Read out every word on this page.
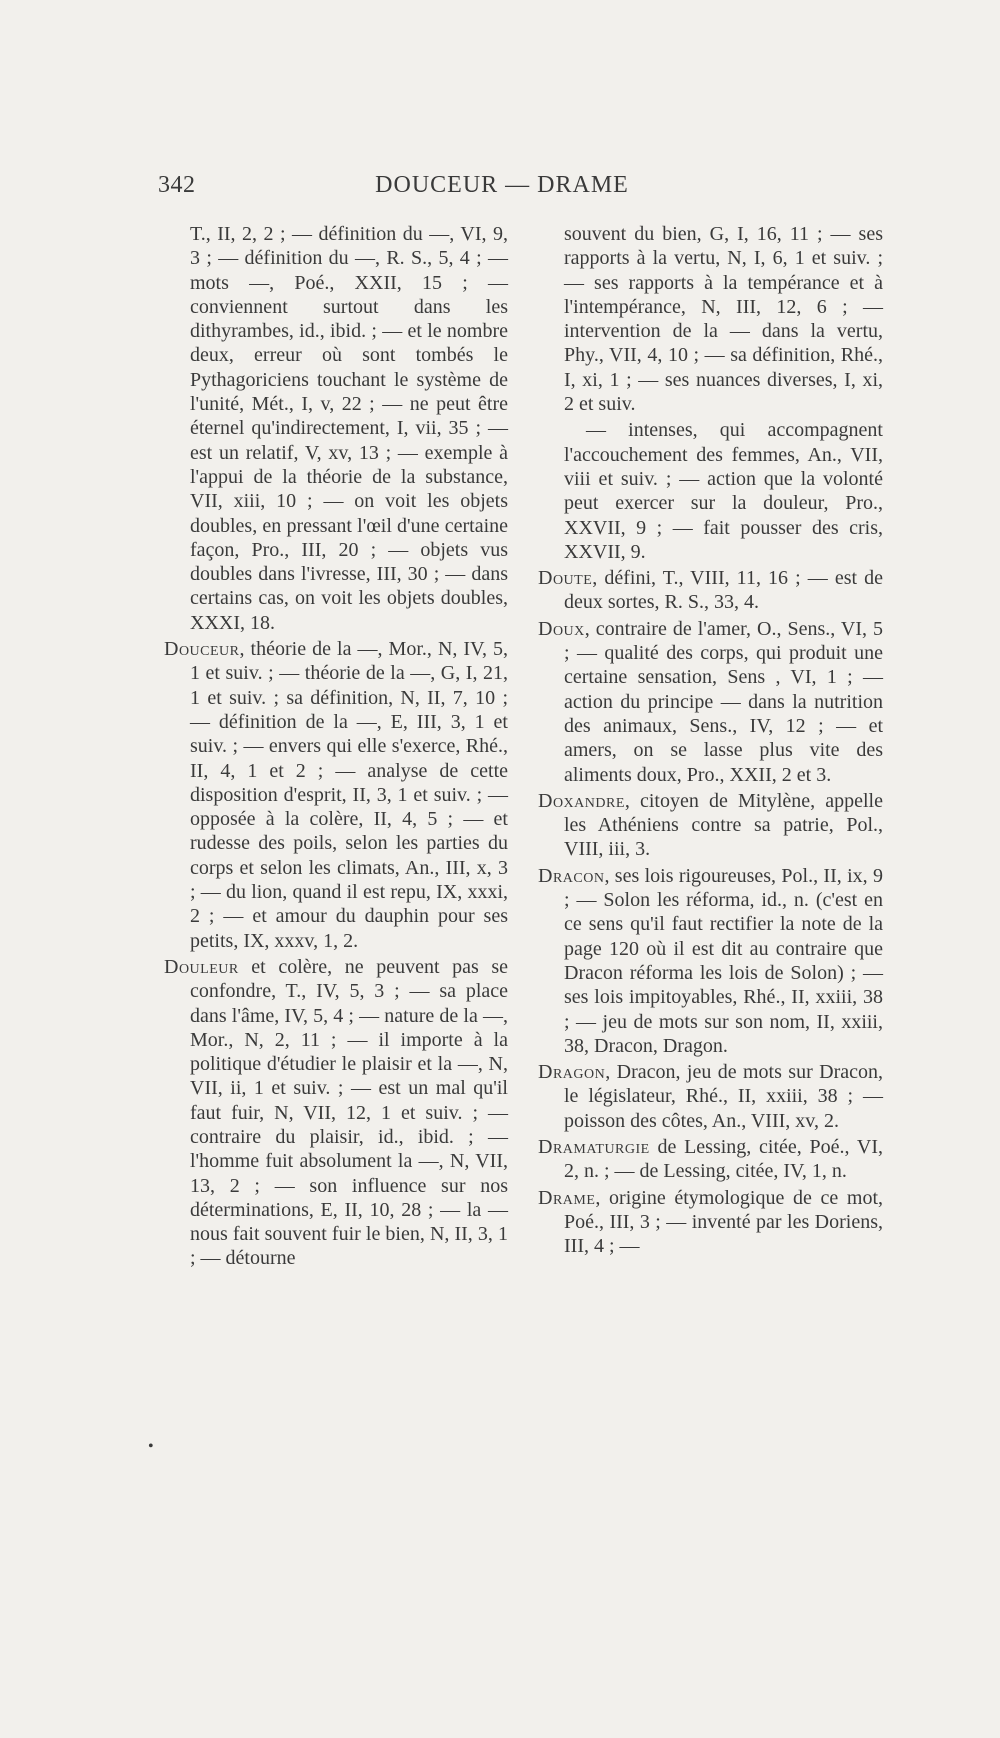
342	DOUCEUR — DRAME

T., II, 2, 2 ; — définition du —, VI, 9, 3 ; — définition du —, R. S., 5, 4 ; — mots —, Poé., XXII, 15 ; — conviennent surtout dans les dithyrambes, id., ibid. ; — et le nombre deux, erreur où sont tombés le Pythagoriciens touchant le système de l'unité, Mét., I, v, 22 ; — ne peut être éternel qu'indirectement, I, vii, 35 ; — est un relatif, V, xv, 13 ; — exemple à l'appui de la théorie de la substance, VII, xiii, 10 ; — on voit les objets doubles, en pressant l'œil d'une certaine façon, Pro., III, 20 ; — objets vus doubles dans l'ivresse, III, 30 ; — dans certains cas, on voit les objets doubles, XXXI, 18.

Douceur, théorie de la —, Mor., N, IV, 5, 1 et suiv. ; — théorie de la —, G, I, 21, 1 et suiv. ; sa définition, N, II, 7, 10 ; — définition de la —, E, III, 3, 1 et suiv. ; — envers qui elle s'exerce, Rhé., II, 4, 1 et 2 ; — analyse de cette disposition d'esprit, II, 3, 1 et suiv. ; — opposée à la colère, II, 4, 5 ; — et rudesse des poils, selon les parties du corps et selon les climats, An., III, x, 3 ; — du lion, quand il est repu, IX, xxxi, 2 ; — et amour du dauphin pour ses petits, IX, xxxv, 1, 2.

Douleur et colère, ne peuvent pas se confondre, T., IV, 5, 3 ; — sa place dans l'âme, IV, 5, 4 ; — nature de la —, Mor., N, 2, 11 ; — il importe à la politique d'étudier le plaisir et la —, N, VII, ii, 1 et suiv. ; — est un mal qu'il faut fuir, N, VII, 12, 1 et suiv. ; — contraire du plaisir, id., ibid. ; — l'homme fuit absolument la —, N, VII, 13, 2 ; — son influence sur nos déterminations, E, II, 10, 28 ; — la — nous fait souvent fuir le bien, N, II, 3, 1 ; — détourne

•

souvent du bien, G, I, 16, 11 ; — ses rapports à la vertu, N, I, 6, 1 et suiv. ; — ses rapports à la tempérance et à l'intempérance, N, III, 12, 6 ; — intervention de la — dans la vertu, Phy., VII, 4, 10 ; — sa définition, Rhé., I, xi, 1 ; — ses nuances diverses, I, xi, 2 et suiv.

— intenses, qui accompagnent l'accouchement des femmes, An., VII, viii et suiv. ; — action que la volonté peut exercer sur la douleur, Pro., XXVII, 9 ; — fait pousser des cris, XXVII, 9.

Doute, défini, T., VIII, 11, 16 ; — est de deux sortes, R. S., 33, 4.

Doux, contraire de l'amer, O., Sens., VI, 5 ; — qualité des corps, qui produit une certaine sensation, Sens , VI, 1 ; — action du principe — dans la nutrition des animaux, Sens., IV, 12 ; — et amers, on se lasse plus vite des aliments doux, Pro., XXII, 2 et 3.

Doxandre, citoyen de Mitylène, appelle les Athéniens contre sa patrie, Pol., VIII, iii, 3.

Dracon, ses lois rigoureuses, Pol., II, ix, 9 ; — Solon les réforma, id., n. (c'est en ce sens qu'il faut rectifier la note de la page 120 où il est dit au contraire que Dracon réforma les lois de Solon) ; — ses lois impitoyables, Rhé., II, xxiii, 38 ; — jeu de mots sur son nom, II, xxiii, 38, Dracon, Dragon.

Dragon, Dracon, jeu de mots sur Dracon, le législateur, Rhé., II, xxiii, 38 ; — poisson des côtes, An., VIII, xv, 2.

Dramaturgie de Lessing, citée, Poé., VI, 2, n. ; — de Lessing, citée, IV, 1, n.

Drame, origine étymologique de ce mot, Poé., III, 3 ; — inventé par les Doriens, III, 4 ; —
